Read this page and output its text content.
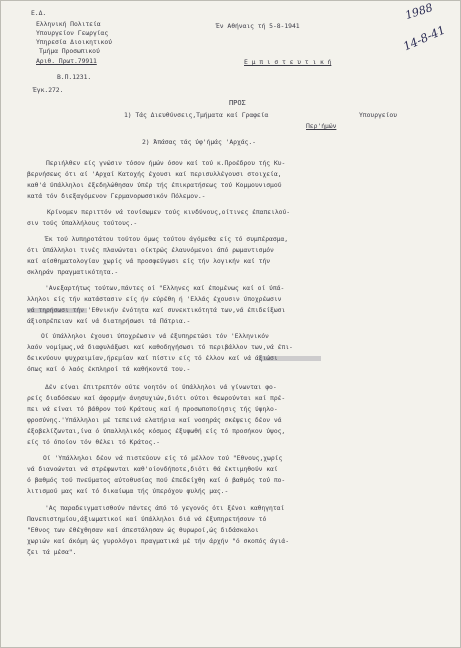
Ε.Δ.
Ελληνική Πολιτεία
Υπουργείον Γεωργίας
Υπηρεσία Διοικητικού
Τμήμα Προσωπικού
Αριθ. Πρωτ.79911
Β.Π.1231.
Έγκ.272.
Έν Αθήναις τή 5-8-1941
Ε μ π ι σ τ ε υ τ ι κ ή
1988
14-8-41
ΠΡΟΣ
1) Τάς Διευθύνσεις,Τμήματα καί Γραφεία	Υπουργείου
Περ'ήμών
2) Άπάσας τάς ύφ'ήμάς 'Αρχάς.-
Περιήλθεν είς γνώσιν τόσον ήμών όσον καί τού κ.Προέδρου τής Κυ-
βερνήσεως ότι αί 'Αρχαί Κατοχής έχουσι καί περισυλλέγουσι στοιχεία,
καθ'ά ύπάλληλοι έξεδηλώθησαν ύπέρ τής έπικρατήσεως τού Κομμουνισμού
κατά τόν διεξαγόμενον Γερμανορωσσικόν Πόλεμον.-
Κρίνομεν περιττόν νά τονίσωμεν τούς κινδύνους,οίτινες έπαπειλού-
σιν τούς ύπαλλήλους τούτους.-
Έκ τού λυπηροτάτου τούτου όμως τούτου άγόμεθα είς τό συμπέρασμα,
ότι ύπάλληλοι τινές πλανώνται οίκτρώς έλαυνόμενοι άπό ρωμαντισμόν
καί αίσθηματολογίαν χωρίς νά προσφεύγωσι είς τήν λογικήν καί τήν
σκληράν πραγματικότητα.-
'Ανεξαρτήτως τούτων,πάντες οί "Ελληνες καί έπομένως καί οί ύπά-
λληλοι είς τήν κατάστασιν είς ήν εύρέθη ή 'Ελλάς έχουσιν ύποχρέωσιν
νά τηρήσωσι τήν 'Εθνικήν ένότητα καί συνεκτικότητά των,νά έπιδείξωσι
άξιοπρέπειαν καί νά διατηρήσωσι τά Πάτρια.-
Οί ύπάλληλοι έχουσι ύποχρέωσιν νά έξυπηρετώσι τόν 'Ελληνικόν
λαόν νομίμως,νά διαφυλάξωσι καί καθοδηγήσωσι τό περιβάλλον των,νά έπι-
δεικνύουν ψυχραιμίαν,ήρεμίαν καί πίστιν είς τό έλλον καί νά άξιώσι
όπως καί ό λαός έκπληροί τά καθήκοντά του.-
Δέν είναι έπιτρεπτόν ούτε νοητόν οί ύπάλληλοι νά γίνωνται φο-
ρείς διαδόσεων καί άφορμήν άνησυχιών,διότι ούτοι θεωρούνται καί πρέ-
πει νά είναι τό βάθρον τού Κράτους καί ή προσωποποίησις τής ύψηλο-
φροσύνης.'Υπάλληλοι μέ τεπεινά ελατήρια καί νοσηράς σκέψεις δέον νά
έξοβελίζωνται,ίνα ό ύπαλληλικός κόσμος έξυψωθή είς τό προσήκον ύψος,
είς τό όποίον τόν θέλει τό Κράτος.-
Οί 'Υπάλληλοι δέον νά πιστεύουν είς τό μέλλον τού "Εθνους,χωρίς
νά διανοώνται νά στρέφωνται καθ'οίονδήποτε,διότι θά έκτιμηθούν καί
ό βαθμός τού πνεύματος αύτοθυσίας πού έπεδείχθη καί ό βαθμός τού πο-
λιτισμού μας καί τό δικαίωμα τής ύπερόχου φυλής μας.-
'Ας παραδειγματισθούν πάντες άπό τό γεγονός ότι ξένοι καθηγηταί
Πανεπιστημίου,άξιωματικοί καί ύπάλληλοι διά νά έξυπηρετήσουν τό
"Εθνος των έθέχθησαν καί άπεστάλησαν ώς θυρωροί,ώς διδάσκαλοι
χωριών καί άκόμη ώς γυρολόγοι πραγματικά μέ τήν άρχήν "ό σκοπός άγιά-
ζει τά μέσα".
